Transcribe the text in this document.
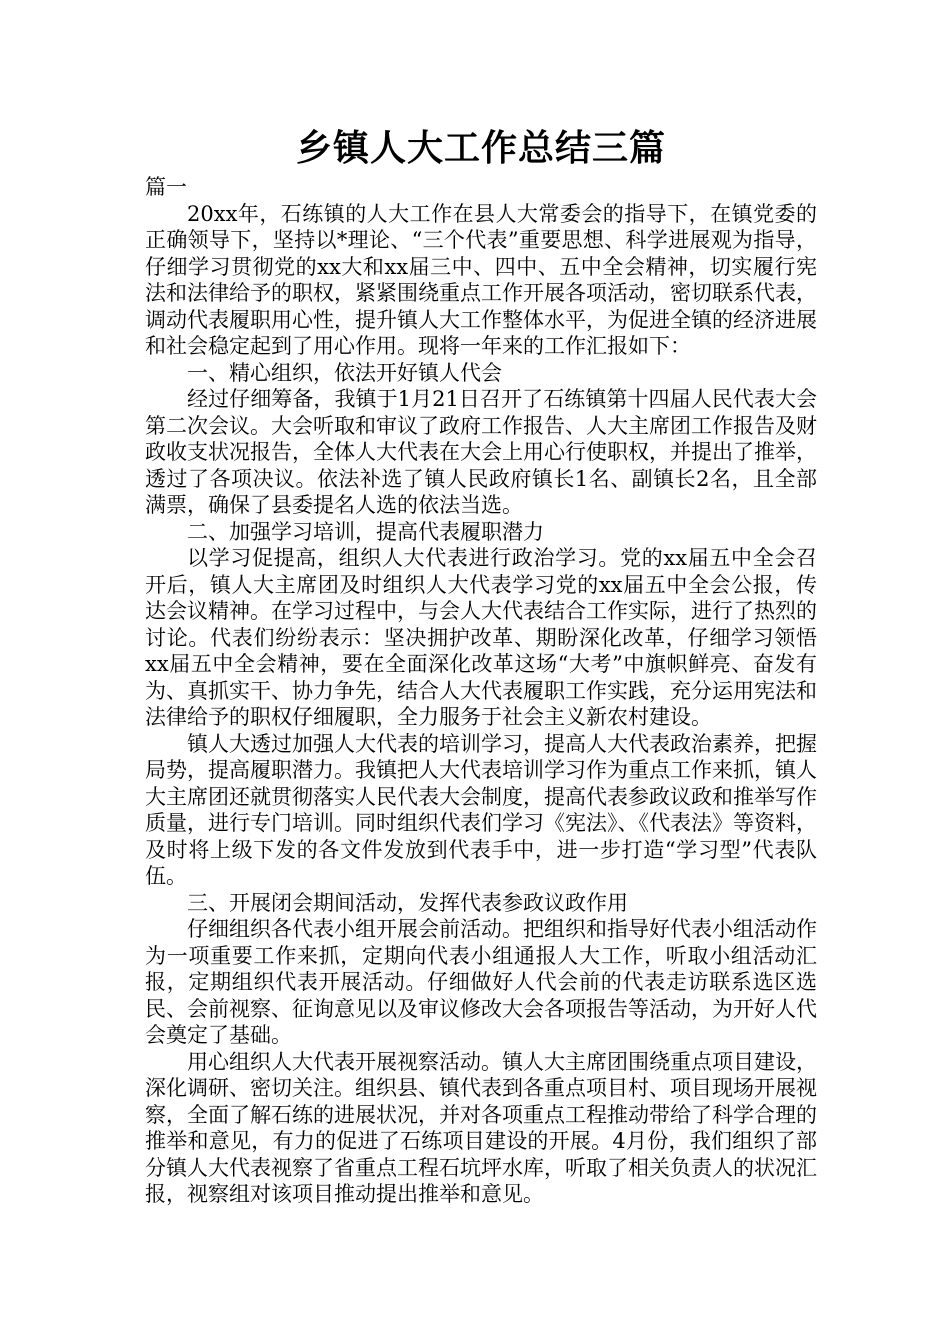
乡镇人大工作总结三篇

篇一

20xx年，石练镇的人大工作在县人大常委会的指导下，在镇党委的正确领导下，坚持以*理论、“三个代表”重要思想、科学进展观为指导，仔细学习贯彻党的xx大和xx届三中、四中、五中全会精神，切实履行宪法和法律给予的职权，紧紧围绕重点工作开展各项活动，密切联系代表，调动代表履职用心性，提升镇人大工作整体水平，为促进全镇的经济进展和社会稳定起到了用心作用。现将一年来的工作汇报如下：

一、精心组织，依法开好镇人代会

经过仔细筹备，我镇于1月21日召开了石练镇第十四届人民代表大会第二次会议。大会听取和审议了政府工作报告、人大主席团工作报告及财政收支状况报告，全体人大代表在大会上用心行使职权，并提出了推举，透过了各项决议。依法补选了镇人民政府镇长1名、副镇长2名，且全部满票，确保了县委提名人选的依法当选。

二、加强学习培训，提高代表履职潜力

以学习促提高，组织人大代表进行政治学习。党的xx届五中全会召开后，镇人大主席团及时组织人大代表学习党的xx届五中全会公报，传达会议精神。在学习过程中，与会人大代表结合工作实际，进行了热烈的讨论。代表们纷纷表示：坚决拥护改革、期盼深化改革，仔细学习领悟xx届五中全会精神，要在全面深化改革这场“大考”中旗帜鲜亮、奋发有为、真抓实干、协力争先，结合人大代表履职工作实践，充分运用宪法和法律给予的职权仔细履职，全力服务于社会主义新农村建设。

镇人大透过加强人大代表的培训学习，提高人大代表政治素养，把握局势，提高履职潜力。我镇把人大代表培训学习作为重点工作来抓，镇人大主席团还就贯彻落实人民代表大会制度，提高代表参政议政和推举写作质量，进行专门培训。同时组织代表们学习《宪法》、《代表法》等资料，及时将上级下发的各文件发放到代表手中，进一步打造“学习型”代表队伍。

三、开展闭会期间活动，发挥代表参政议政作用

仔细组织各代表小组开展会前活动。把组织和指导好代表小组活动作为一项重要工作来抓，定期向代表小组通报人大工作，听取小组活动汇报，定期组织代表开展活动。仔细做好人代会前的代表走访联系选区选民、会前视察、征询意见以及审议修改大会各项报告等活动，为开好人代会奠定了基础。

用心组织人大代表开展视察活动。镇人大主席团围绕重点项目建设，深化调研、密切关注。组织县、镇代表到各重点项目村、项目现场开展视察，全面了解石练的进展状况，并对各项重点工程推动带给了科学合理的推举和意见，有力的促进了石练项目建设的开展。4月份，我们组织了部分镇人大代表视察了省重点工程石坑坪水库，听取了相关负责人的状况汇报，视察组对该项目推动提出推举和意见。
